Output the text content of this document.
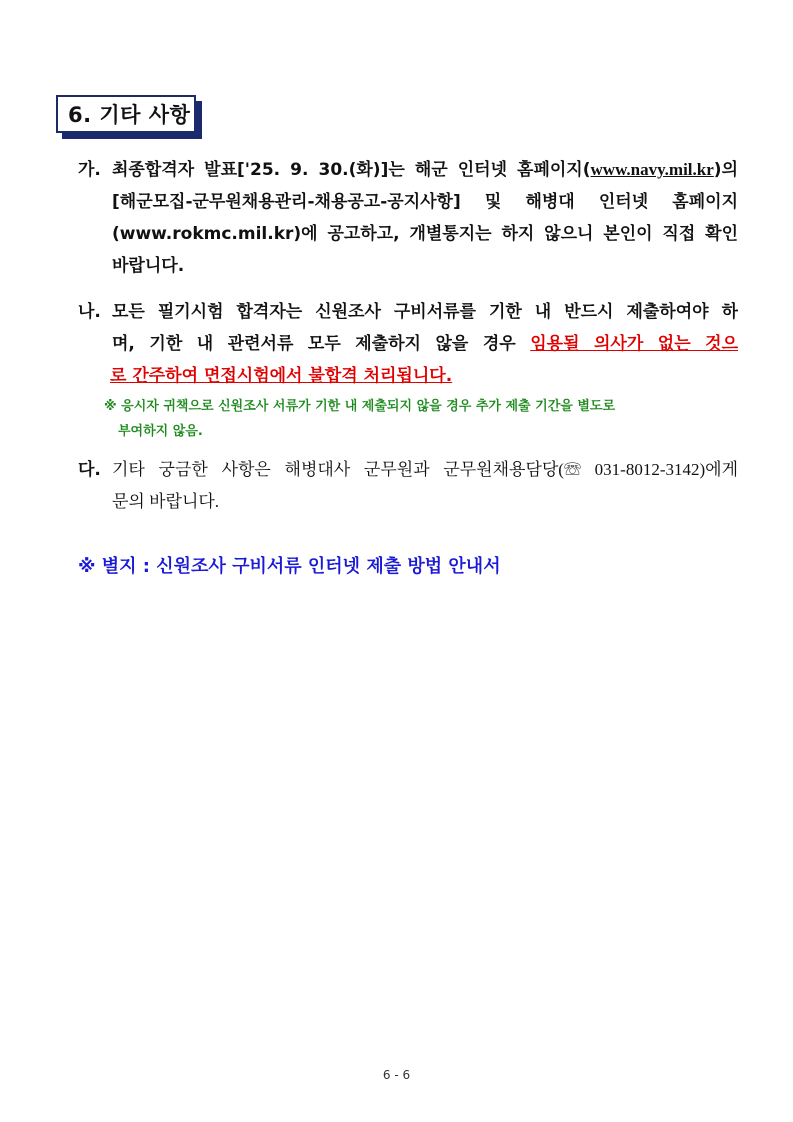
6. 기타 사항
가. 최종합격자 발표['25. 9. 30.(화)]는 해군 인터넷 홈페이지(www.navy.mil.kr)의
[해군모집-군무원채용관리-채용공고-공지사항] 및 해병대 인터넷 홈페이지
(www.rokmc.mil.kr)에 공고하고, 개별통지는 하지 않으니 본인이 직접 확인
바랍니다.
나. 모든 필기시험 합격자는 신원조사 구비서류를 기한 내 반드시 제출하여야 하
며, 기한 내 관련서류 모두 제출하지 않을 경우 임용될 의사가 없는 것으
로 간주하여 면접시험에서 불합격 처리됩니다.
※ 응시자 귀책으로 신원조사 서류가 기한 내 제출되지 않을 경우 추가 제출 기간을 별도로
부여하지 않음.
다. 기타 궁금한 사항은 해병대사 군무원과 군무원채용담당(☏ 031-8012-3142)에게
문의 바랍니다.
※ 별지 : 신원조사 구비서류 인터넷 제출 방법 안내서
6 - 6
